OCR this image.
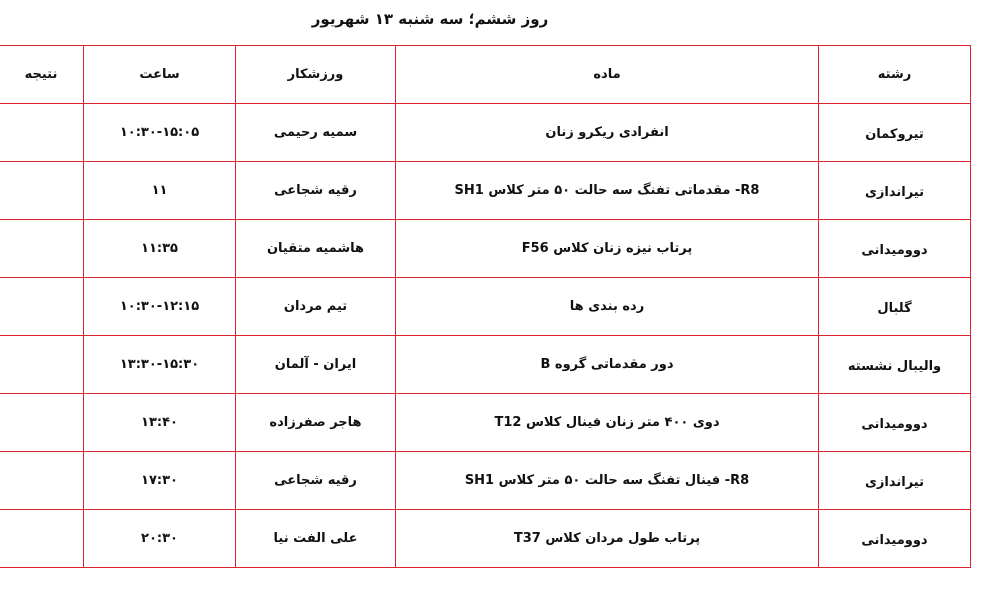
روز ششم؛ سه شنبه ۱۳ شهریور
رشته	ماده	ورزشکار	ساعت	نتیجه
تیروکمان	انفرادی ریکرو زنان	سمیه رحیمی	۱۰:۳۰-۱۵:۰۵	
تیراندازی	R8- مقدماتی تفنگ سه حالت ۵۰ متر کلاس SH1	رقیه شجاعی	۱۱	
دوومیدانی	پرتاب نیزه زنان کلاس F56	هاشمیه متقیان	۱۱:۳۵	
گلبال	رده بندی ها	تیم مردان	۱۰:۳۰-۱۲:۱۵	
والیبال نشسته	دور مقدماتی گروه B	ایران - آلمان	۱۳:۳۰-۱۵:۳۰	
دوومیدانی	دوی ۴۰۰ متر زنان فینال کلاس T12	هاجر صفرزاده	۱۳:۴۰	
تیراندازی	R8- فینال تفنگ سه حالت ۵۰ متر کلاس SH1	رقیه شجاعی	۱۷:۳۰	
دوومیدانی	پرتاب طول مردان کلاس T37	علی الفت نیا	۲۰:۳۰	
